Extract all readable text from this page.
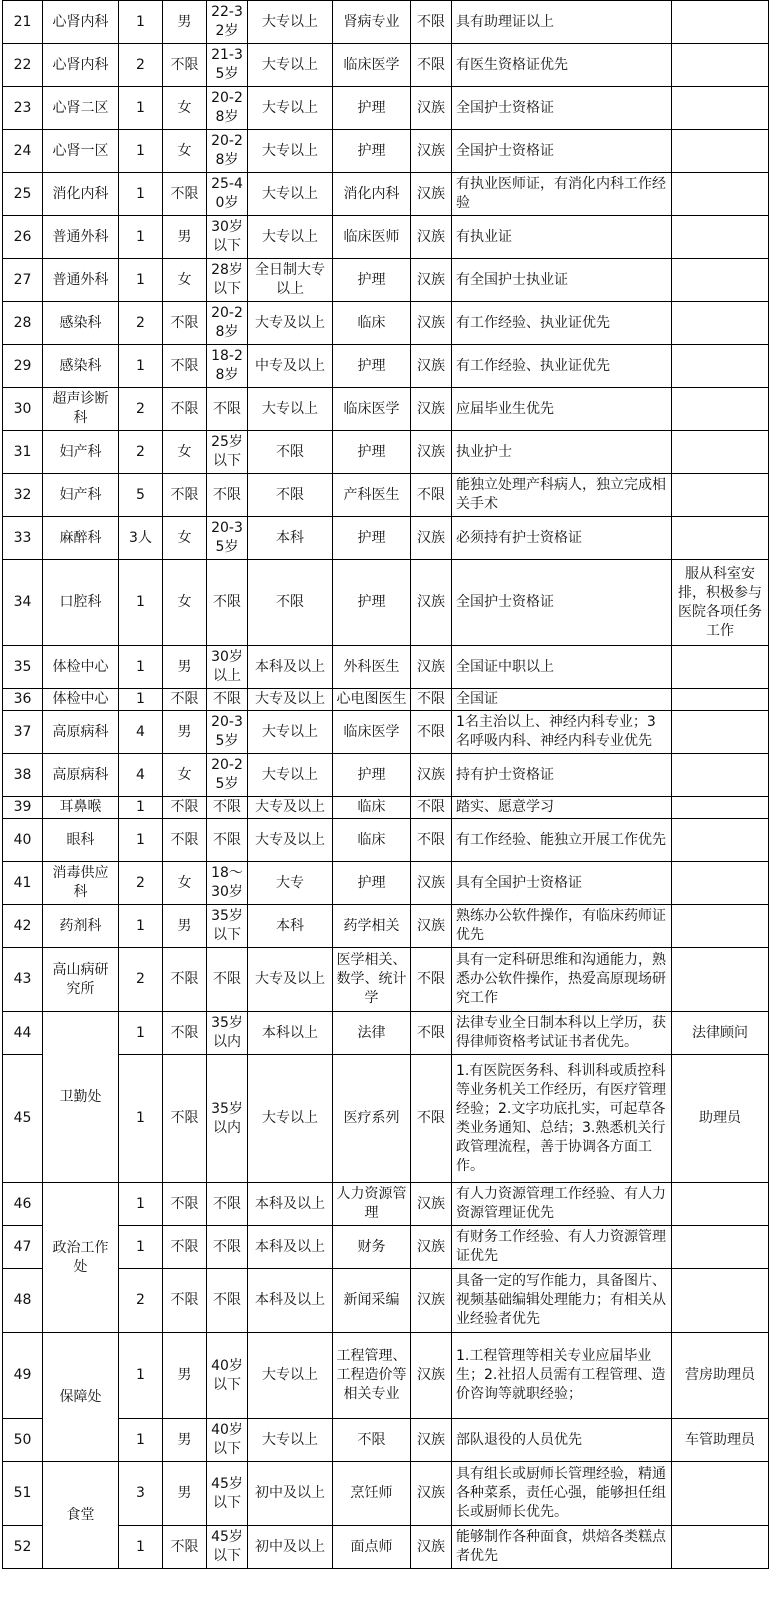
21	心肾内科	1	男	22-32岁	大专以上	肾病专业	不限	具有助理证以上	
22	心肾内科	2	不限	21-35岁	大专以上	临床医学	不限	有医生资格证优先	
23	心肾二区	1	女	20-28岁	大专以上	护理	汉族	全国护士资格证	
24	心肾一区	1	女	20-28岁	大专以上	护理	汉族	全国护士资格证	
25	消化内科	1	不限	25-40岁	大专以上	消化内科	汉族	有执业医师证，有消化内科工作经验	
26	普通外科	1	男	30岁以下	大专以上	临床医师	汉族	有执业证	
27	普通外科	1	女	28岁以下	全日制大专以上	护理	汉族	有全国护士执业证	
28	感染科	2	不限	20-28岁	大专及以上	临床	汉族	有工作经验、执业证优先	
29	感染科	1	不限	18-28岁	中专及以上	护理	汉族	有工作经验、执业证优先	
30	超声诊断科	2	不限	不限	大专以上	临床医学	汉族	应届毕业生优先	
31	妇产科	2	女	25岁以下	不限	护理	汉族	执业护士	
32	妇产科	5	不限	不限	不限	产科医生	不限	能独立处理产科病人，独立完成相关手术	
33	麻醉科	3人	女	20-35岁	本科	护理	汉族	必须持有护士资格证	
34	口腔科	1	女	不限	不限	护理	汉族	全国护士资格证	服从科室安排，积极参与医院各项任务工作
35	体检中心	1	男	30岁以上	本科及以上	外科医生	汉族	全国证中职以上	
36	体检中心	1	不限	不限	大专及以上	心电图医生	不限	全国证	
37	高原病科	4	男	20-35岁	大专以上	临床医学	不限	1名主治以上、神经内科专业；3名呼吸内科、神经内科专业优先	
38	高原病科	4	女	20-25岁	大专以上	护理	汉族	持有护士资格证	
39	耳鼻喉	1	不限	不限	大专及以上	临床	不限	踏实、愿意学习	
40	眼科	1	不限	不限	大专及以上	临床	不限	有工作经验、能独立开展工作优先	
41	消毒供应科	2	女	18～30岁	大专	护理	汉族	具有全国护士资格证	
42	药剂科	1	男	35岁以下	本科	药学相关	汉族	熟练办公软件操作，有临床药师证优先	
43	高山病研究所	2	不限	不限	大专及以上	医学相关、数学、统计学	不限	具有一定科研思维和沟通能力，熟悉办公软件操作，热爱高原现场研究工作	
44	卫勤处	1	不限	35岁以内	本科以上	法律	不限	法律专业全日制本科以上学历，获得律师资格考试证书者优先。	法律顾问
45		1	不限	35岁以内	大专以上	医疗系列	不限	1.有医院医务科、科训科或质控科等业务机关工作经历，有医疗管理经验；2.文字功底扎实，可起草各类业务通知、总结；3.熟悉机关行政管理流程，善于协调各方面工作。	助理员
46	政治工作处	1	不限	不限	本科及以上	人力资源管理	汉族	有人力资源管理工作经验、有人力资源管理证优先	
47		1	不限	不限	本科及以上	财务	汉族	有财务工作经验、有人力资源管理证优先	
48		2	不限	不限	本科及以上	新闻采编	汉族	具备一定的写作能力，具备图片、视频基础编辑处理能力；有相关从业经验者优先	
49	保障处	1	男	40岁以下	大专以上	工程管理、工程造价等相关专业	汉族	1.工程管理等相关专业应届毕业生；2.社招人员需有工程管理、造价咨询等就职经验；	营房助理员
50		1	男	40岁以下	大专以上	不限	汉族	部队退役的人员优先	车管助理员
51	食堂	3	男	45岁以下	初中及以上	烹饪师	汉族	具有组长或厨师长管理经验，精通各种菜系，责任心强，能够担任组长或厨师长优先。	
52		1	不限	45岁以下	初中及以上	面点师	汉族	能够制作各种面食，烘焙各类糕点者优先	
